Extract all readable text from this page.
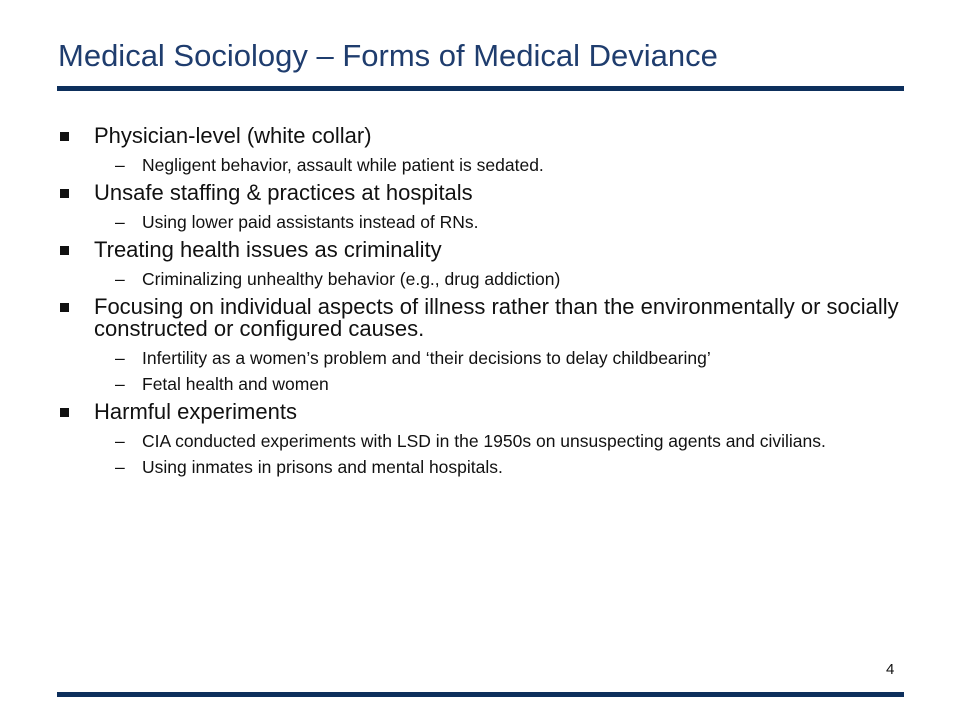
Medical Sociology – Forms of Medical Deviance
Physician-level (white collar)
– Negligent behavior, assault while patient is sedated.
Unsafe staffing & practices at hospitals
– Using lower paid assistants instead of RNs.
Treating health issues as criminality
– Criminalizing unhealthy behavior (e.g., drug addiction)
Focusing on individual aspects of illness rather than the environmentally or socially constructed or configured causes.
– Infertility as a women’s problem and ‘their decisions to delay childbearing’
– Fetal health and women
Harmful experiments
– CIA conducted experiments with LSD in the 1950s on unsuspecting agents and civilians.
– Using inmates in prisons and mental hospitals.
4
